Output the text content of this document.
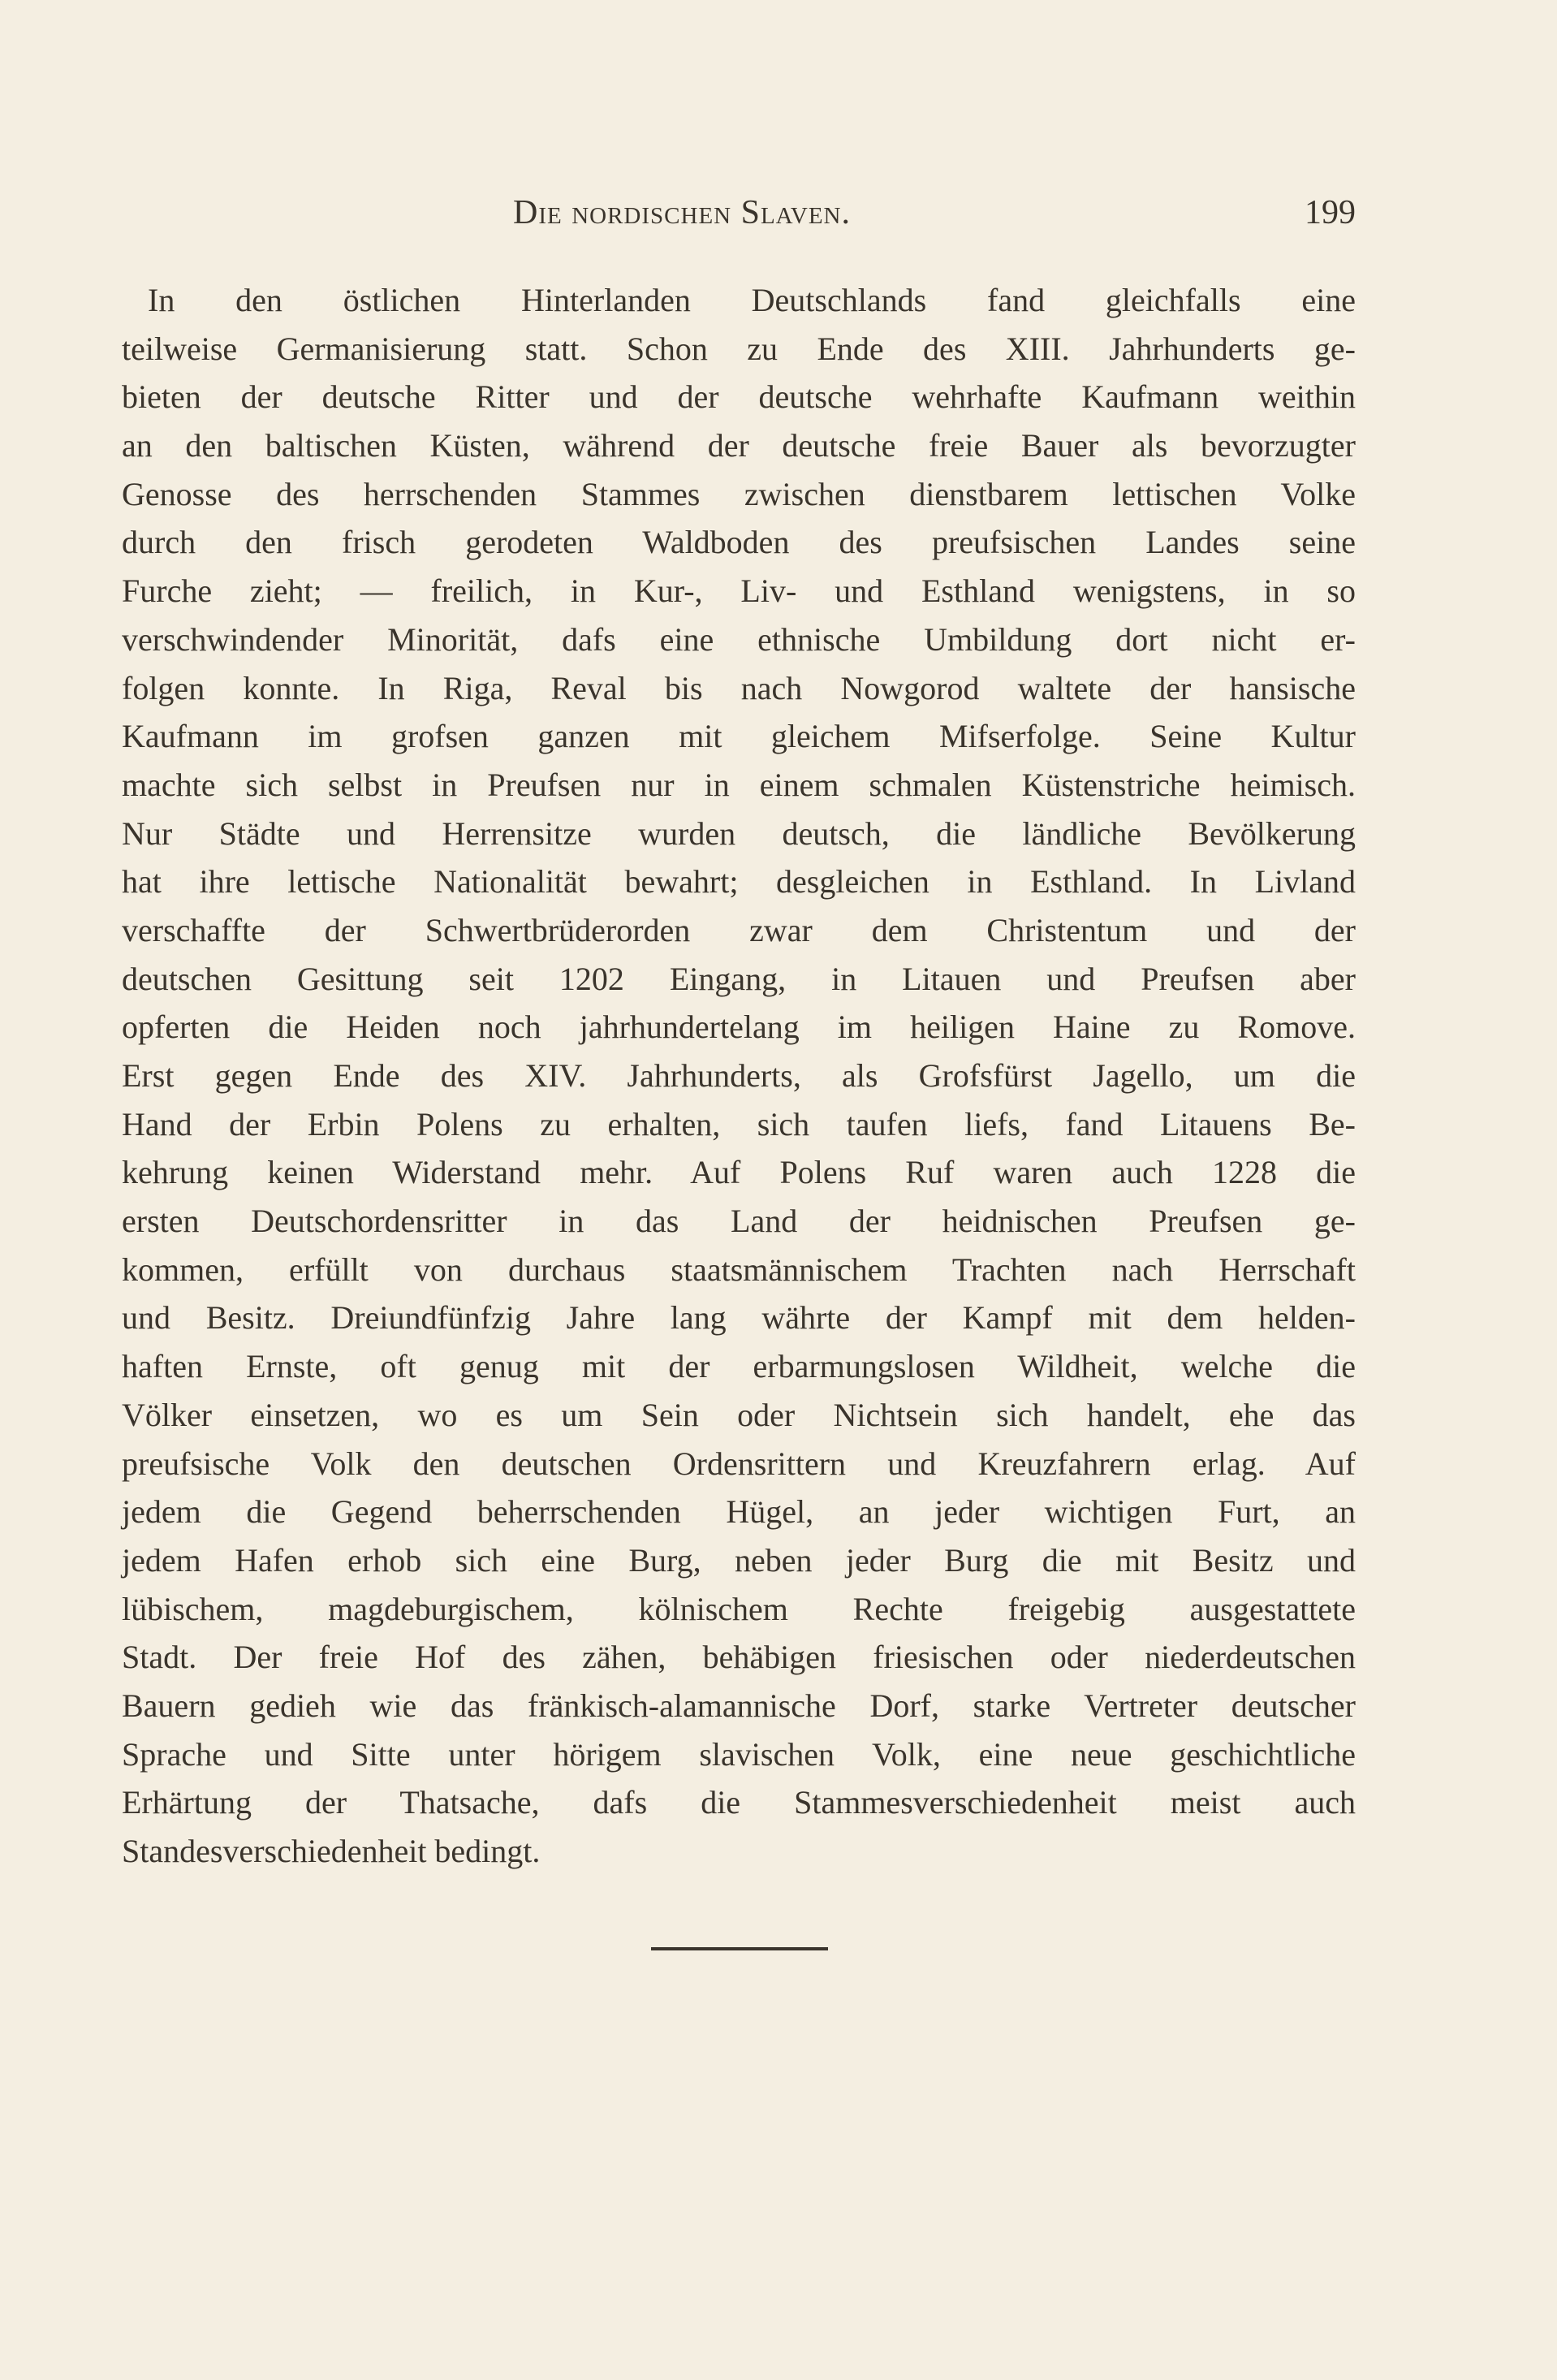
Die nordischen Slaven.	199
In den östlichen Hinterlanden Deutschlands fand gleichfalls eine
teilweise Germanisierung statt. Schon zu Ende des XIII. Jahrhunderts ge-
bieten der deutsche Ritter und der deutsche wehrhafte Kaufmann weithin
an den baltischen Küsten, während der deutsche freie Bauer als bevorzugter
Genosse des herrschenden Stammes zwischen dienstbarem lettischen Volke
durch den frisch gerodeten Waldboden des preufsischen Landes seine
Furche zieht; — freilich, in Kur-, Liv- und Esthland wenigstens, in so
verschwindender Minorität, dafs eine ethnische Umbildung dort nicht er-
folgen konnte. In Riga, Reval bis nach Nowgorod waltete der hansische
Kaufmann im grofsen ganzen mit gleichem Mifserfolge. Seine Kultur
machte sich selbst in Preufsen nur in einem schmalen Küstenstriche heimisch.
Nur Städte und Herrensitze wurden deutsch, die ländliche Bevölkerung
hat ihre lettische Nationalität bewahrt; desgleichen in Esthland. In Livland
verschaffte der Schwertbrüderorden zwar dem Christentum und der
deutschen Gesittung seit 1202 Eingang, in Litauen und Preufsen aber
opferten die Heiden noch jahrhundertelang im heiligen Haine zu Romove.
Erst gegen Ende des XIV. Jahrhunderts, als Grofsfürst Jagello, um die
Hand der Erbin Polens zu erhalten, sich taufen liefs, fand Litauens Be-
kehrung keinen Widerstand mehr. Auf Polens Ruf waren auch 1228 die
ersten Deutschordensritter in das Land der heidnischen Preufsen ge-
kommen, erfüllt von durchaus staatsmännischem Trachten nach Herrschaft
und Besitz. Dreiundfünfzig Jahre lang währte der Kampf mit dem helden-
haften Ernste, oft genug mit der erbarmungslosen Wildheit, welche die
Völker einsetzen, wo es um Sein oder Nichtsein sich handelt, ehe das
preufsische Volk den deutschen Ordensrittern und Kreuzfahrern erlag. Auf
jedem die Gegend beherrschenden Hügel, an jeder wichtigen Furt, an
jedem Hafen erhob sich eine Burg, neben jeder Burg die mit Besitz und
lübischem, magdeburgischem, kölnischem Rechte freigebig ausgestattete
Stadt. Der freie Hof des zähen, behäbigen friesischen oder niederdeutschen
Bauern gedieh wie das fränkisch-alamannische Dorf, starke Vertreter deutscher
Sprache und Sitte unter hörigem slavischen Volk, eine neue geschichtliche
Erhärtung der Thatsache, dafs die Stammesverschiedenheit meist auch
Standesverschiedenheit bedingt.
